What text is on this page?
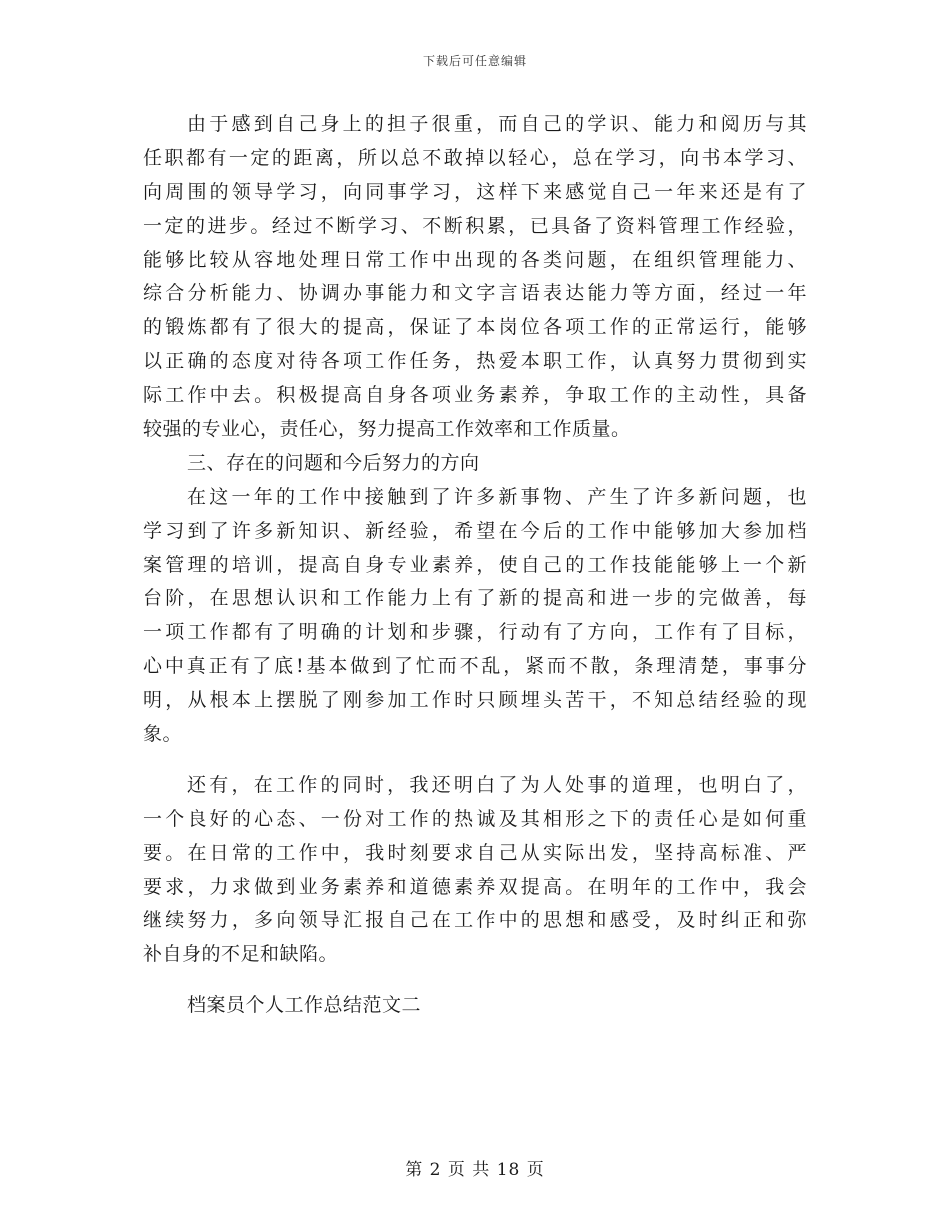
下载后可任意编辑
由于感到自己身上的担子很重，而自己的学识、能力和阅历与其
任职都有一定的距离，所以总不敢掉以轻心，总在学习，向书本学习、
向周围的领导学习，向同事学习，这样下来感觉自己一年来还是有了
一定的进步。经过不断学习、不断积累，已具备了资料管理工作经验，
能够比较从容地处理日常工作中出现的各类问题，在组织管理能力、
综合分析能力、协调办事能力和文字言语表达能力等方面，经过一年
的锻炼都有了很大的提高，保证了本岗位各项工作的正常运行，能够
以正确的态度对待各项工作任务，热爱本职工作，认真努力贯彻到实
际工作中去。积极提高自身各项业务素养，争取工作的主动性，具备
较强的专业心，责任心，努力提高工作效率和工作质量。
三、存在的问题和今后努力的方向
在这一年的工作中接触到了许多新事物、产生了许多新问题，也
学习到了许多新知识、新经验，希望在今后的工作中能够加大参加档
案管理的培训，提高自身专业素养，使自己的工作技能能够上一个新
台阶，在思想认识和工作能力上有了新的提高和进一步的完做善，每
一项工作都有了明确的计划和步骤，行动有了方向，工作有了目标，
心中真正有了底!基本做到了忙而不乱，紧而不散，条理清楚，事事分
明，从根本上摆脱了刚参加工作时只顾埋头苦干，不知总结经验的现
象。
还有，在工作的同时，我还明白了为人处事的道理，也明白了，
一个良好的心态、一份对工作的热诚及其相形之下的责任心是如何重
要。在日常的工作中，我时刻要求自己从实际出发，坚持高标准、严
要求，力求做到业务素养和道德素养双提高。在明年的工作中，我会
继续努力，多向领导汇报自己在工作中的思想和感受，及时纠正和弥
补自身的不足和缺陷。
档案员个人工作总结范文二
第 2 页 共 18 页
